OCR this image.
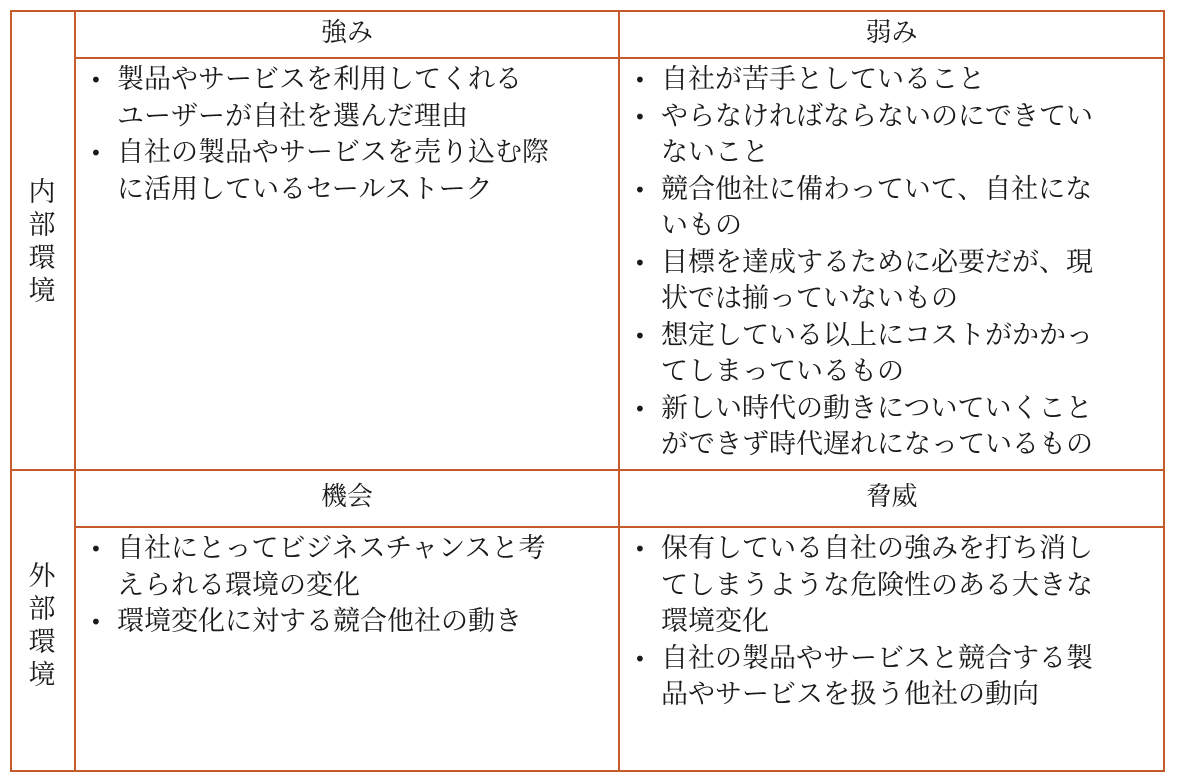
強み	弱み
機会	脅威
内
部
環
境
外
部
環
境
• 製品やサービスを利用してくれる
ユーザーが自社を選んだ理由
• 自社の製品やサービスを売り込む際
に活用しているセールストーク
• 自社が苦手としていること
• やらなければならないのにできてい
ないこと
• 競合他社に備わっていて、自社にな
いもの
• 目標を達成するために必要だが、現
状では揃っていないもの
• 想定している以上にコストがかかっ
てしまっているもの
• 新しい時代の動きについていくこと
ができず時代遅れになっているもの
• 自社にとってビジネスチャンスと考
えられる環境の変化
• 環境変化に対する競合他社の動き
• 保有している自社の強みを打ち消し
てしまうような危険性のある大きな
環境変化
• 自社の製品やサービスと競合する製
品やサービスを扱う他社の動向
